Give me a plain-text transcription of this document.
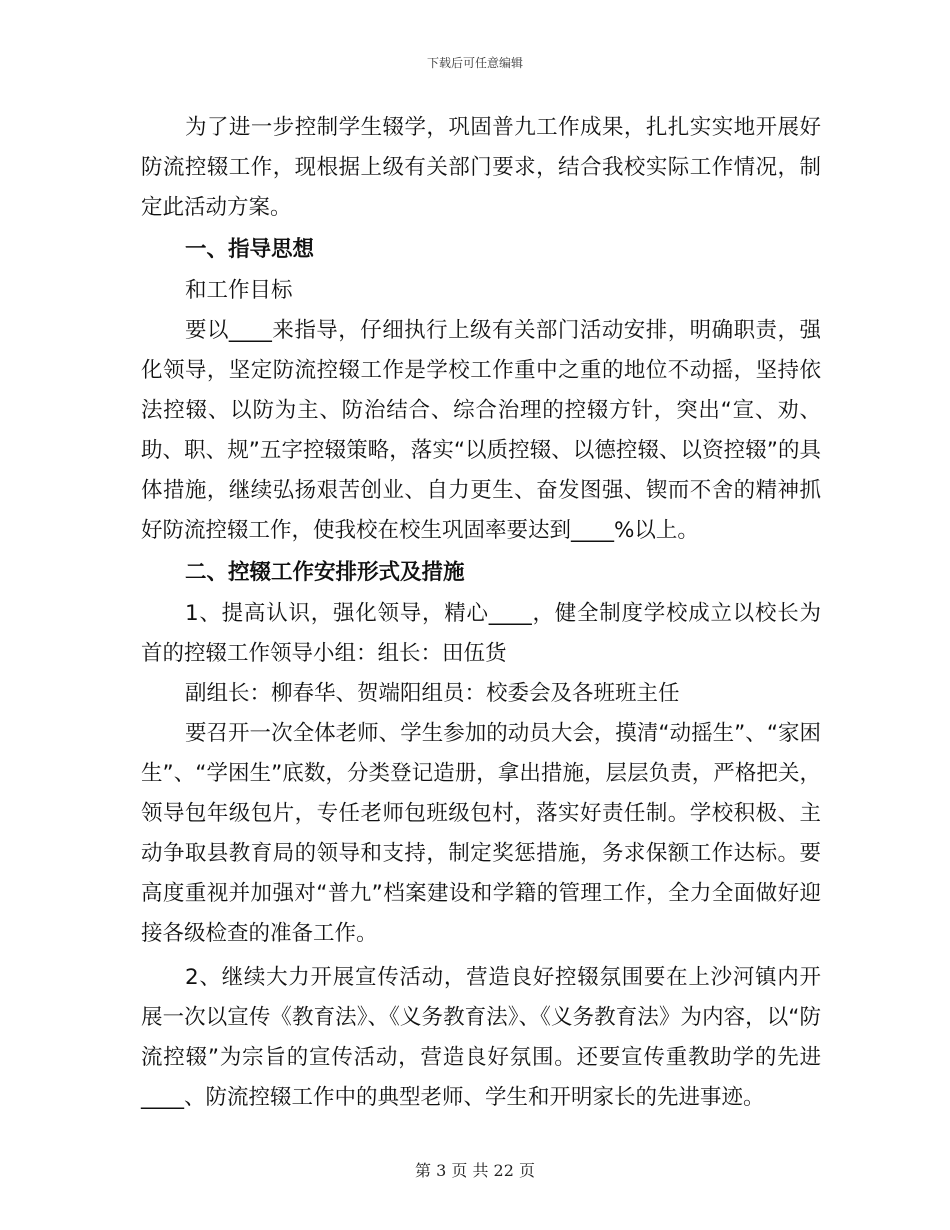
下载后可任意编辑

为了进一步控制学生辍学，巩固普九工作成果，扎扎实实地开展好防流控辍工作，现根据上级有关部门要求，结合我校实际工作情况，制定此活动方案。

一、指导思想

和工作目标

要以____来指导，仔细执行上级有关部门活动安排，明确职责，强化领导，坚定防流控辍工作是学校工作重中之重的地位不动摇，坚持依法控辍、以防为主、防治结合、综合治理的控辍方针，突出“宣、劝、助、职、规”五字控辍策略，落实“以质控辍、以德控辍、以资控辍”的具体措施，继续弘扬艰苦创业、自力更生、奋发图强、锲而不舍的精神抓好防流控辍工作，使我校在校生巩固率要达到____%以上。

二、控辍工作安排形式及措施

1、提高认识，强化领导，精心____，健全制度学校成立以校长为首的控辍工作领导小组：组长：田伍货

副组长：柳春华、贺端阳组员：校委会及各班班主任

要召开一次全体老师、学生参加的动员大会，摸清“动摇生”、“家困生”、“学困生”底数，分类登记造册，拿出措施，层层负责，严格把关，领导包年级包片，专任老师包班级包村，落实好责任制。学校积极、主动争取县教育局的领导和支持，制定奖惩措施，务求保额工作达标。要高度重视并加强对“普九”档案建设和学籍的管理工作，全力全面做好迎接各级检查的准备工作。

2、继续大力开展宣传活动，营造良好控辍氛围要在上沙河镇内开展一次以宣传《教育法》、《义务教育法》、《义务教育法》为内容，以“防流控辍”为宗旨的宣传活动，营造良好氛围。还要宣传重教助学的先进____、防流控辍工作中的典型老师、学生和开明家长的先进事迹。

第 3 页 共 22 页
